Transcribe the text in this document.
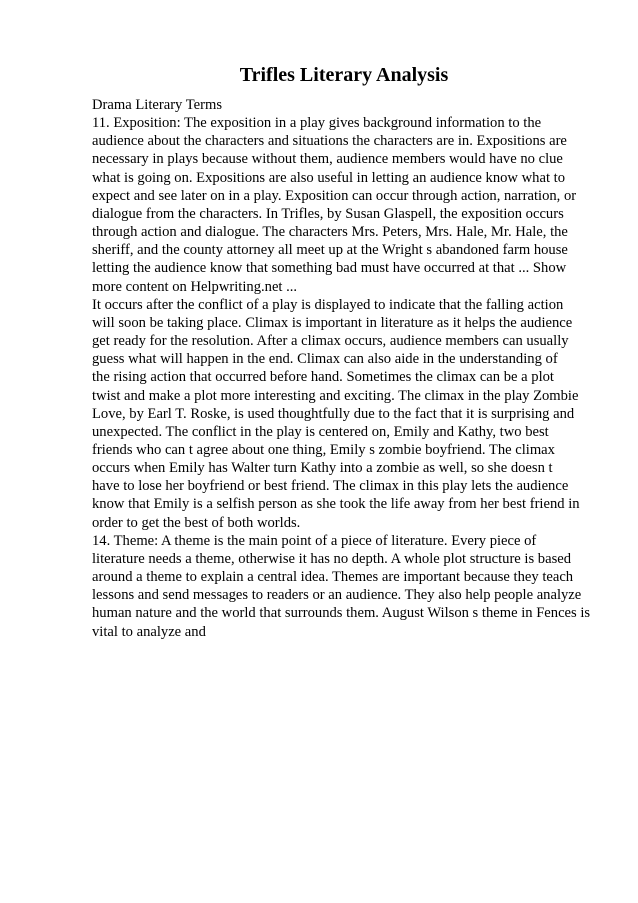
Trifles Literary Analysis
Drama Literary Terms
11. Exposition: The exposition in a play gives background information to the
audience about the characters and situations the characters are in. Expositions are
necessary in plays because without them, audience members would have no clue
what is going on. Expositions are also useful in letting an audience know what to
expect and see later on in a play. Exposition can occur through action, narration, or
dialogue from the characters. In Trifles, by Susan Glaspell, the exposition occurs
through action and dialogue. The characters Mrs. Peters, Mrs. Hale, Mr. Hale, the
sheriff, and the county attorney all meet up at the Wright s abandoned farm house
letting the audience know that something bad must have occurred at that ... Show
more content on Helpwriting.net ...
It occurs after the conflict of a play is displayed to indicate that the falling action
will soon be taking place. Climax is important in literature as it helps the audience
get ready for the resolution. After a climax occurs, audience members can usually
guess what will happen in the end. Climax can also aide in the understanding of
the rising action that occurred before hand. Sometimes the climax can be a plot
twist and make a plot more interesting and exciting. The climax in the play Zombie
Love, by Earl T. Roske, is used thoughtfully due to the fact that it is surprising and
unexpected. The conflict in the play is centered on, Emily and Kathy, two best
friends who can t agree about one thing, Emily s zombie boyfriend. The climax
occurs when Emily has Walter turn Kathy into a zombie as well, so she doesn t
have to lose her boyfriend or best friend. The climax in this play lets the audience
know that Emily is a selfish person as she took the life away from her best friend in
order to get the best of both worlds.
14. Theme: A theme is the main point of a piece of literature. Every piece of
literature needs a theme, otherwise it has no depth. A whole plot structure is based
around a theme to explain a central idea. Themes are important because they teach
lessons and send messages to readers or an audience. They also help people analyze
human nature and the world that surrounds them. August Wilson s theme in Fences is
vital to analyze and
